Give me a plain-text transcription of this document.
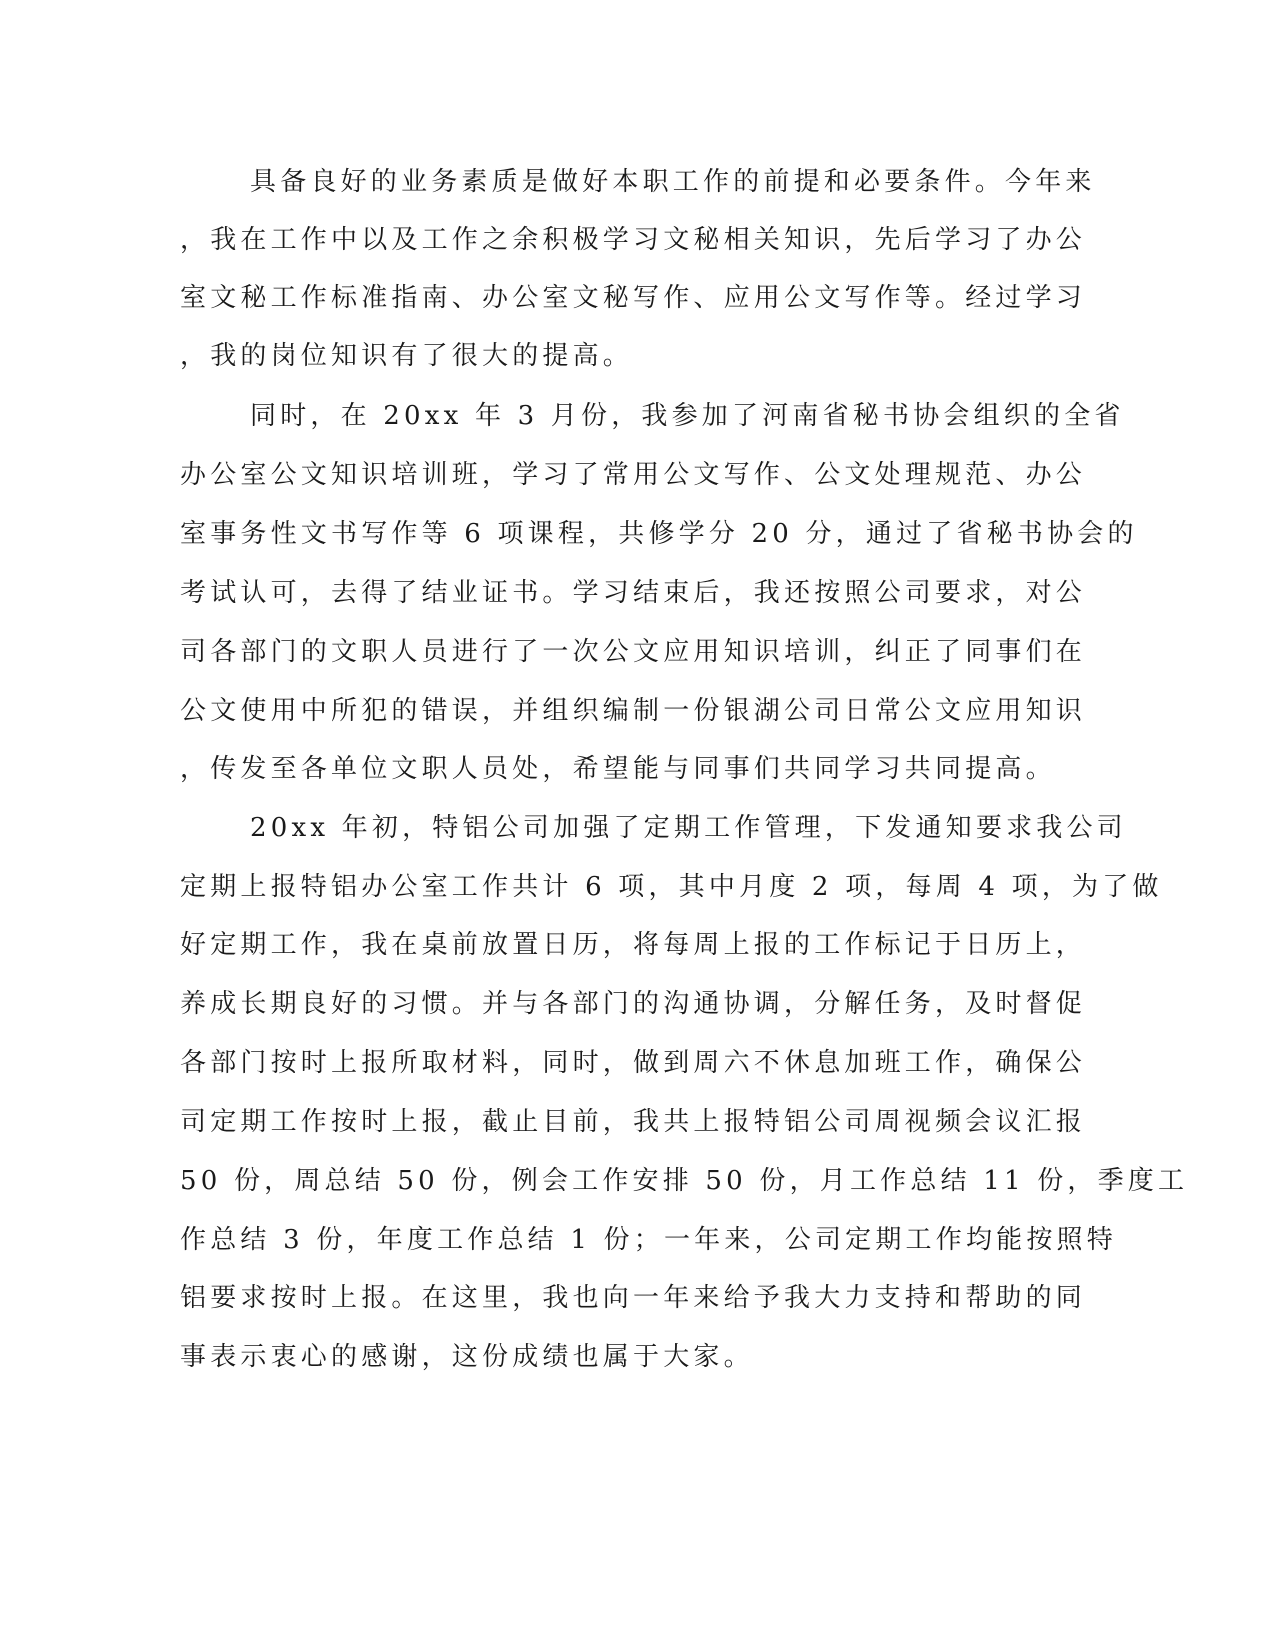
具备良好的业务素质是做好本职工作的前提和必要条件。今年来
，我在工作中以及工作之余积极学习文秘相关知识，先后学习了办公
室文秘工作标准指南、办公室文秘写作、应用公文写作等。经过学习
，我的岗位知识有了很大的提高。
同时，在 20xx 年 3 月份，我参加了河南省秘书协会组织的全省
办公室公文知识培训班，学习了常用公文写作、公文处理规范、办公
室事务性文书写作等 6 项课程，共修学分 20 分，通过了省秘书协会的
考试认可，去得了结业证书。学习结束后，我还按照公司要求，对公
司各部门的文职人员进行了一次公文应用知识培训，纠正了同事们在
公文使用中所犯的错误，并组织编制一份银湖公司日常公文应用知识
，传发至各单位文职人员处，希望能与同事们共同学习共同提高。
20xx 年初，特铝公司加强了定期工作管理，下发通知要求我公司
定期上报特铝办公室工作共计 6 项，其中月度 2 项，每周 4 项，为了做
好定期工作，我在桌前放置日历，将每周上报的工作标记于日历上，
养成长期良好的习惯。并与各部门的沟通协调，分解任务，及时督促
各部门按时上报所取材料，同时，做到周六不休息加班工作，确保公
司定期工作按时上报，截止目前，我共上报特铝公司周视频会议汇报
50 份，周总结 50 份，例会工作安排 50 份，月工作总结 11 份，季度工
作总结 3 份，年度工作总结 1 份；一年来，公司定期工作均能按照特
铝要求按时上报。在这里，我也向一年来给予我大力支持和帮助的同
事表示衷心的感谢，这份成绩也属于大家。
